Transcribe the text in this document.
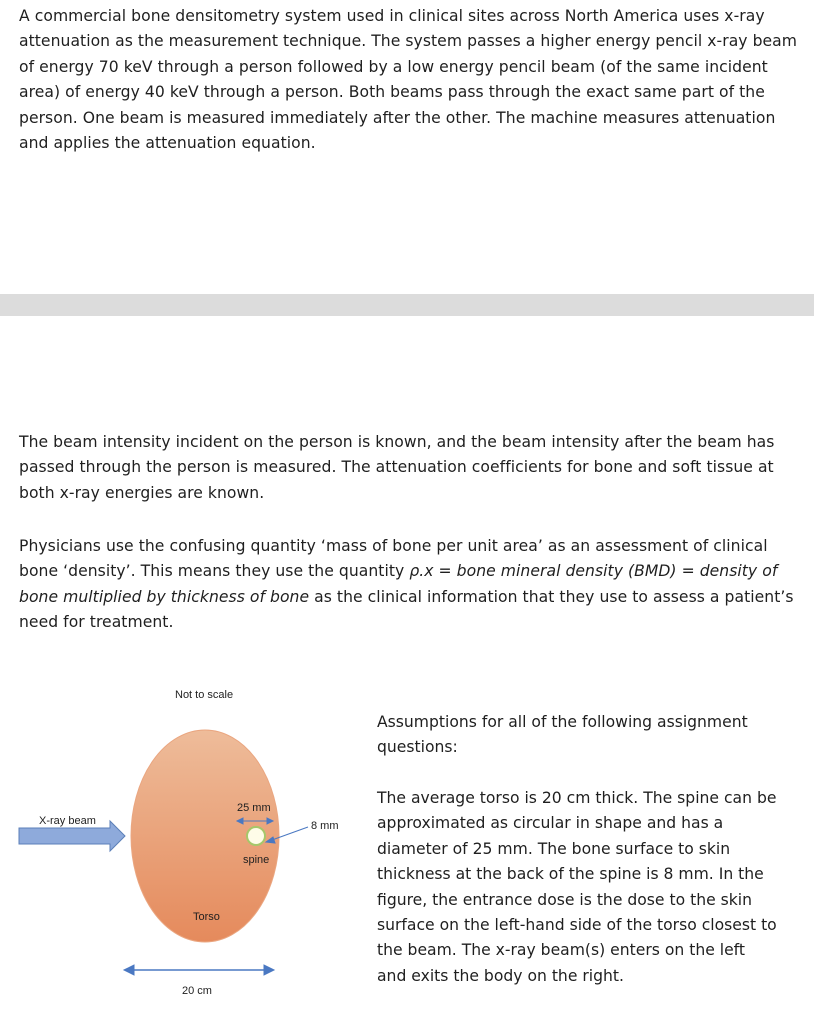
A commercial bone densitometry system used in clinical sites across North America uses x-ray attenuation as the measurement technique. The system passes a higher energy pencil x-ray beam of energy 70 keV through a person followed by a low energy pencil beam (of the same incident area) of energy 40 keV through a person. Both beams pass through the exact same part of the person. One beam is measured immediately after the other. The machine measures attenuation and applies the attenuation equation.
The beam intensity incident on the person is known, and the beam intensity after the beam has passed through the person is measured. The attenuation coefficients for bone and soft tissue at both x-ray energies are known.
Physicians use the confusing quantity ‘mass of bone per unit area’ as an assessment of clinical bone ‘density’. This means they use the quantity ρ.x = bone mineral density (BMD) = density of bone multiplied by thickness of bone as the clinical information that they use to assess a patient’s need for treatment.
Not to scale
X-ray beam
25 mm
8 mm
spine
Torso
20 cm
Assumptions for all of the following assignment questions:
The average torso is 20 cm thick. The spine can be approximated as circular in shape and has a diameter of 25 mm. The bone surface to skin thickness at the back of the spine is 8 mm. In the figure, the entrance dose is the dose to the skin surface on the left-hand side of the torso closest to the beam. The x-ray beam(s) enters on the left and exits the body on the right.
